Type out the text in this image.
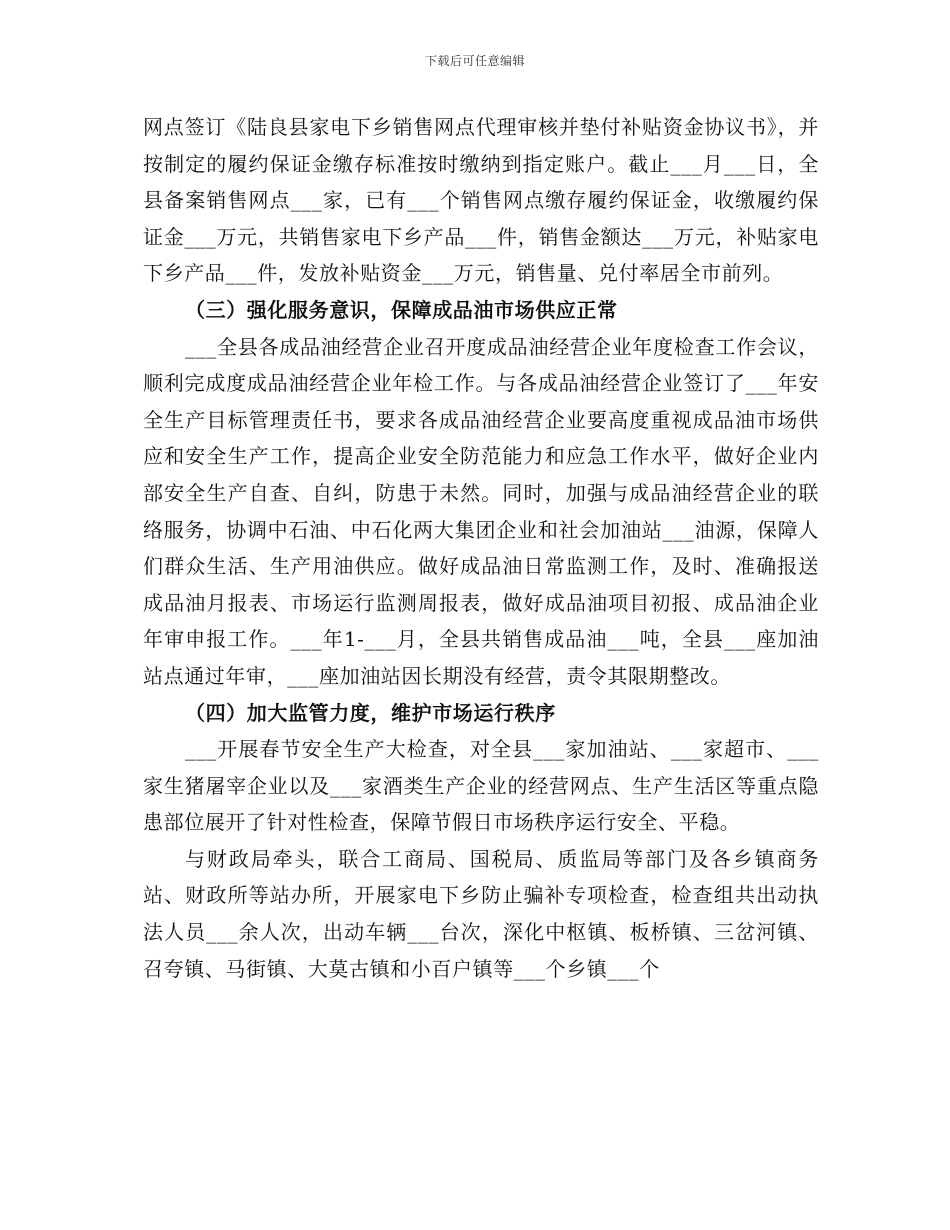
下载后可任意编辑

网点签订《陆良县家电下乡销售网点代理审核并垫付补贴资金协议书》，并按制定的履约保证金缴存标准按时缴纳到指定账户。截止___月___日，全县备案销售网点___家，已有___个销售网点缴存履约保证金，收缴履约保证金___万元，共销售家电下乡产品___件，销售金额达___万元，补贴家电下乡产品___件，发放补贴资金___万元，销售量、兑付率居全市前列。

（三）强化服务意识，保障成品油市场供应正常

___全县各成品油经营企业召开度成品油经营企业年度检查工作会议，顺利完成度成品油经营企业年检工作。与各成品油经营企业签订了___年安全生产目标管理责任书，要求各成品油经营企业要高度重视成品油市场供应和安全生产工作，提高企业安全防范能力和应急工作水平，做好企业内部安全生产自查、自纠，防患于未然。同时，加强与成品油经营企业的联络服务，协调中石油、中石化两大集团企业和社会加油站___油源，保障人们群众生活、生产用油供应。做好成品油日常监测工作，及时、准确报送成品油月报表、市场运行监测周报表，做好成品油项目初报、成品油企业年审申报工作。___年1-___月，全县共销售成品油___吨，全县___座加油站点通过年审，___座加油站因长期没有经营，责令其限期整改。

（四）加大监管力度，维护市场运行秩序

___开展春节安全生产大检查，对全县___家加油站、___家超市、___家生猪屠宰企业以及___家酒类生产企业的经营网点、生产生活区等重点隐患部位展开了针对性检查，保障节假日市场秩序运行安全、平稳。

与财政局牵头，联合工商局、国税局、质监局等部门及各乡镇商务站、财政所等站办所，开展家电下乡防止骗补专项检查，检查组共出动执法人员___余人次，出动车辆___台次，深化中枢镇、板桥镇、三岔河镇、召夸镇、马街镇、大莫古镇和小百户镇等___个乡镇___个
